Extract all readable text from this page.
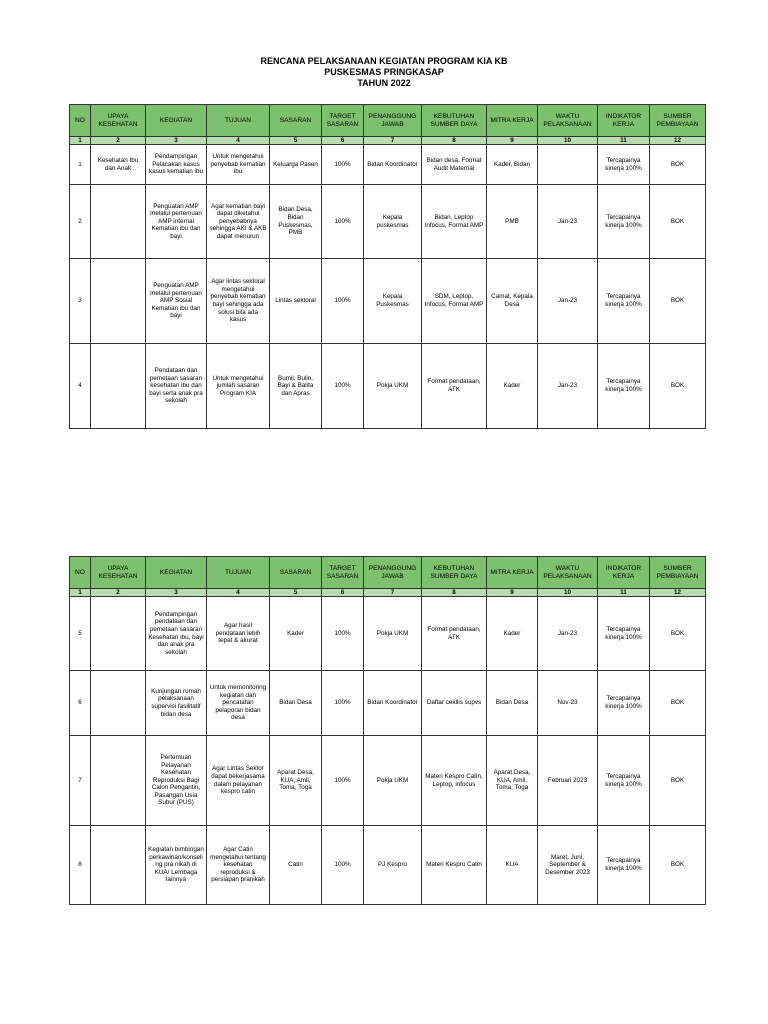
RENCANA PELAKSANAAN KEGIATAN PROGRAM KIA KB
PUSKESMAS PRINGKASAP
TAHUN 2022
NO	UPAYA KESEHATAN	KEGIATAN	TUJUAN	SASARAN	TARGET SASARAN	PENANGGUNG JAWAB	KEBUTUHAN SUMBER DAYA	MITRA KERJA	WAKTU PELAKSANAAN	INDIKATOR KERJA	SUMBER PEMBIAYAAN
1	2	3	4	5	6	7	8	9	10	11	12
1	Kesehatan Ibu dan Anak	Pendampingan Pelacakan kasus kasus kematian ibu	Untuk mengetahui penyebab kematian ibu	Keluarga Pasen	100%	Bidan Koordinator	Bidan desa, Format Audit Maternal	Kader, Bidan		Tercapainya kinerja 100%	BOK
2		Penguatan AMP melalui pertemuan AMP internal Kematian ibu dan bayi	Agar kematian bayi dapat diketahui penyebabnya sehingga AKI & AKB dapat menurun	Bidan Desa, Bidan Puskesmas, PMB	100%	Kepala puskesmas	Bidan, Leptop Infocus, Format AMP	PMB	Jan-23	Tercapainya kinerja 100%	BOK
3		Penguatan AMP melalui pertemuan AMP Sosial Kematian ibu dan bayi	Agar lintas sektoral mengetahui penyebab kematian bayi sehingga ada solusi bila ada kasus	Lintas sektoral	100%	Kepala Puskesmas	SDM, Leptop, Infocus, Format AMP	Camat, Kepala Desa	Jan-23	Tercapainya kinerja 100%	BOK
4		Pendataan dan pemetaan sasaran kesehatan ibu dan bayi serta anak pra sekolah	Untuk mengetahui jumlah sasaran Program KIA	Bumil, Bulin, Bayi & Balita dan Apras	100%	Pokja UKM	Format pendataan, ATK	Kader	Jan-23	Tercapainya kinerja 100%	BOK
NO	UPAYA KESEHATAN	KEGIATAN	TUJUAN	SASARAN	TARGET SASARAN	PENANGGUNG JAWAB	KEBUTUHAN SUMBER DAYA	MITRA KERJA	WAKTU PELAKSANAAN	INDIKATOR KERJA	SUMBER PEMBIAYAAN
1	2	3	4	5	6	7	8	9	10	11	12
5		Pendampingan pendataan dan pemetaan sasaran Kesehatan ibu, bayi dan anak pra sekolah	Agar hasil pendataan lebih tepat & akurat	Kader	100%	Pokja UKM	Format pendataan, ATK	Kader	Jan-23	Tercapainya kinerja 100%	BOK
6		Kunjungan rumah pelaksanaan supervisi fasilitatif bidan desa	Untuk memonitoring kegiatan dan pencatatan pelaporan bidan desa	Bidan Desa	100%	Bidan Koordinator	Daftar cekllis supvs	Bidan Desa	Nov-23	Tercapainya kinerja 100%	BOK
7		Pertemuan Pelayanan Kesehatan Reproduksi Bagi Calon Pengantin, Pasangan Usia Subur (PUS)	Agar Lintas Sektor dapat bekerjasama dalam pelayanan kespro catin	Aparat Desa, KUA, Amil, Toma, Toga	100%	Pokja UKM	Materi Kespro Catin, Leptop, infocus	Aparat Desa, KUA, Amil, Toma, Toga	Februari 2023	Tercapainya kinerja 100%	BOK
8		Kegiatan bimbingan perkawinan/konseling pra nikah di KUA/ Lembaga lainnya	Agar Catin mengetahui tentang kesehatan reproduksi & persiapan pranikah	Catin	100%	PJ Kespro	Materi Kespro Catin	KUA	Maret, Juni, September & Desember 2023	Tercapainya kinerja 100%	BOK
